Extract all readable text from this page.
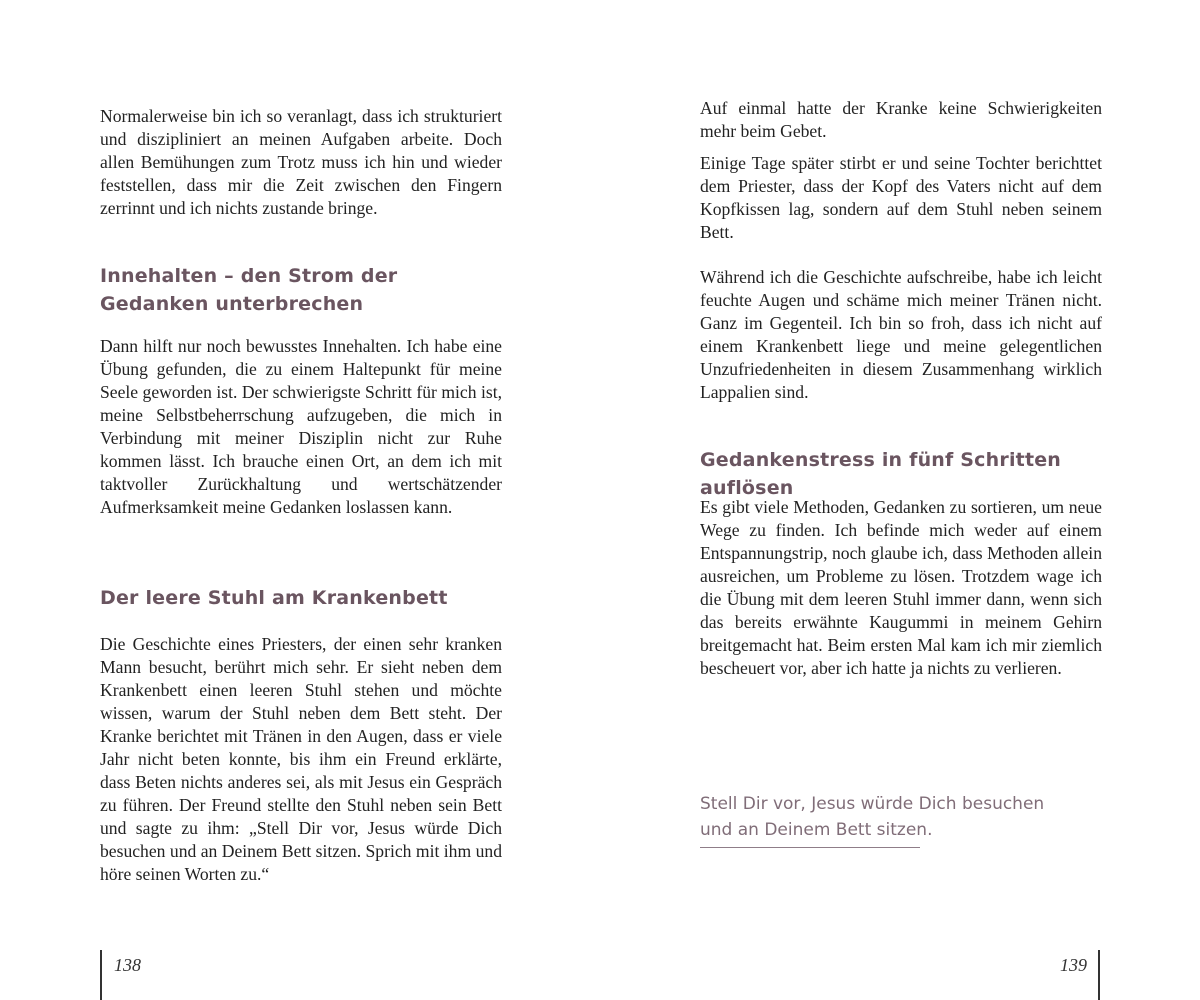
Normalerweise bin ich so veranlagt, dass ich strukturiert und diszipliniert an meinen Aufgaben arbeite. Doch allen Bemühungen zum Trotz muss ich hin und wieder feststellen, dass mir die Zeit zwischen den Fingern zerrinnt und ich nichts zustande bringe.

Innehalten – den Strom der Gedanken unterbrechen

Dann hilft nur noch bewusstes Innehalten. Ich habe eine Übung gefunden, die zu einem Haltepunkt für meine Seele geworden ist. Der schwierigste Schritt für mich ist, meine Selbstbeherrschung aufzugeben, die mich in Verbindung mit meiner Disziplin nicht zur Ruhe kommen lässt. Ich brauche einen Ort, an dem ich mit taktvoller Zurückhaltung und wertschätzender Aufmerksamkeit meine Gedanken loslassen kann.

Der leere Stuhl am Krankenbett

Die Geschichte eines Priesters, der einen sehr kranken Mann besucht, berührt mich sehr. Er sieht neben dem Krankenbett einen leeren Stuhl stehen und möchte wissen, warum der Stuhl neben dem Bett steht. Der Kranke berichtet mit Tränen in den Augen, dass er viele Jahr nicht beten konnte, bis ihm ein Freund erklärte, dass Beten nichts anderes sei, als mit Jesus ein Gespräch zu führen. Der Freund stellte den Stuhl neben sein Bett und sagte zu ihm: „Stell Dir vor, Jesus würde Dich besuchen und an Deinem Bett sitzen. Sprich mit ihm und höre seinen Worten zu.“

138

Auf einmal hatte der Kranke keine Schwierigkeiten mehr beim Gebet.

Einige Tage später stirbt er und seine Tochter berichttet dem Priester, dass der Kopf des Vaters nicht auf dem Kopfkissen lag, sondern auf dem Stuhl neben seinem Bett.

Während ich die Geschichte aufschreibe, habe ich leicht feuchte Augen und schäme mich meiner Tränen nicht. Ganz im Gegenteil. Ich bin so froh, dass ich nicht auf einem Krankenbett liege und meine gelegentlichen Unzufriedenheiten in diesem Zusammenhang wirklich Lappalien sind.

Gedankenstress in fünf Schritten auflösen

Es gibt viele Methoden, Gedanken zu sortieren, um neue Wege zu finden. Ich befinde mich weder auf einem Entspannungstrip, noch glaube ich, dass Methoden allein ausreichen, um Probleme zu lösen. Trotzdem wage ich die Übung mit dem leeren Stuhl immer dann, wenn sich das bereits erwähnte Kaugummi in meinem Gehirn breitgemacht hat. Beim ersten Mal kam ich mir ziemlich bescheuert vor, aber ich hatte ja nichts zu verlieren.

Stell Dir vor, Jesus würde Dich besuchen und an Deinem Bett sitzen.

139
